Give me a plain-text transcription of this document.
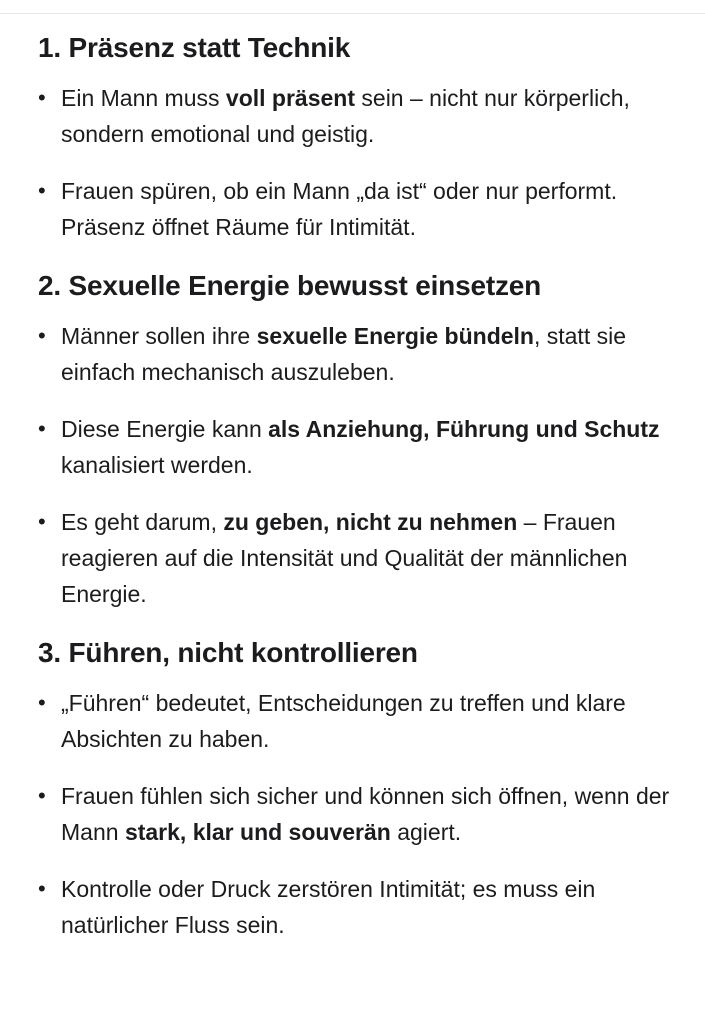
1. Präsenz statt Technik
• Ein Mann muss voll präsent sein – nicht nur körperlich, sondern emotional und geistig.
• Frauen spüren, ob ein Mann „da ist“ oder nur performt. Präsenz öffnet Räume für Intimität.
2. Sexuelle Energie bewusst einsetzen
• Männer sollen ihre sexuelle Energie bündeln, statt sie einfach mechanisch auszuleben.
• Diese Energie kann als Anziehung, Führung und Schutz kanalisiert werden.
• Es geht darum, zu geben, nicht zu nehmen – Frauen reagieren auf die Intensität und Qualität der männlichen Energie.
3. Führen, nicht kontrollieren
• „Führen“ bedeutet, Entscheidungen zu treffen und klare Absichten zu haben.
• Frauen fühlen sich sicher und können sich öffnen, wenn der Mann stark, klar und souverän agiert.
• Kontrolle oder Druck zerstören Intimität; es muss ein natürlicher Fluss sein.
